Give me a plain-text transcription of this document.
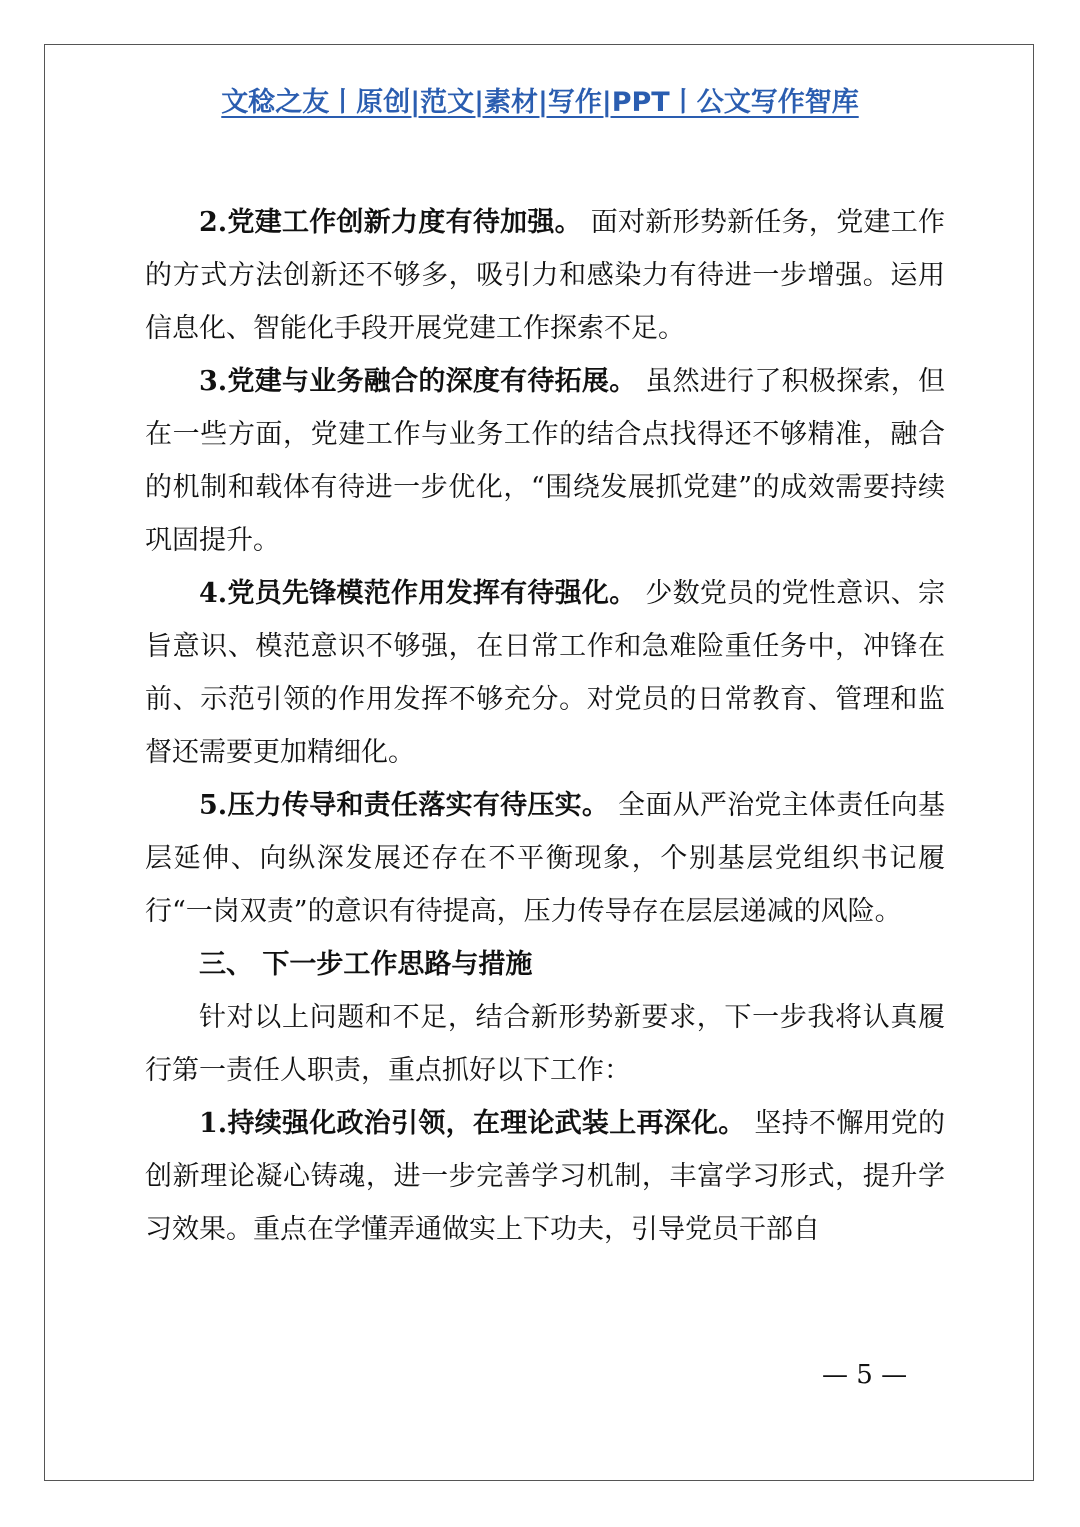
文稔之友丨原创|范文|素材|写作|PPT丨公文写作智库

2.党建工作创新力度有待加强。 面对新形势新任务，党建工作的方式方法创新还不够多，吸引力和感染力有待进一步增强。运用信息化、智能化手段开展党建工作探索不足。

3.党建与业务融合的深度有待拓展。 虽然进行了积极探索，但在一些方面，党建工作与业务工作的结合点找得还不够精准，融合的机制和载体有待进一步优化，“围绕发展抓党建”的成效需要持续巩固提升。

4.党员先锋模范作用发挥有待强化。 少数党员的党性意识、宗旨意识、模范意识不够强，在日常工作和急难险重任务中，冲锋在前、示范引领的作用发挥不够充分。对党员的日常教育、管理和监督还需要更加精细化。

5.压力传导和责任落实有待压实。 全面从严治党主体责任向基层延伸、向纵深发展还存在不平衡现象，个别基层党组织书记履行“一岗双责”的意识有待提高，压力传导存在层层递减的风险。

三、 下一步工作思路与措施

针对以上问题和不足，结合新形势新要求，下一步我将认真履行第一责任人职责，重点抓好以下工作：

1.持续强化政治引领，在理论武装上再深化。 坚持不懈用党的创新理论凝心铸魂，进一步完善学习机制，丰富学习形式，提升学习效果。重点在学懂弄通做实上下功夫，引导党员干部自

— 5 —
